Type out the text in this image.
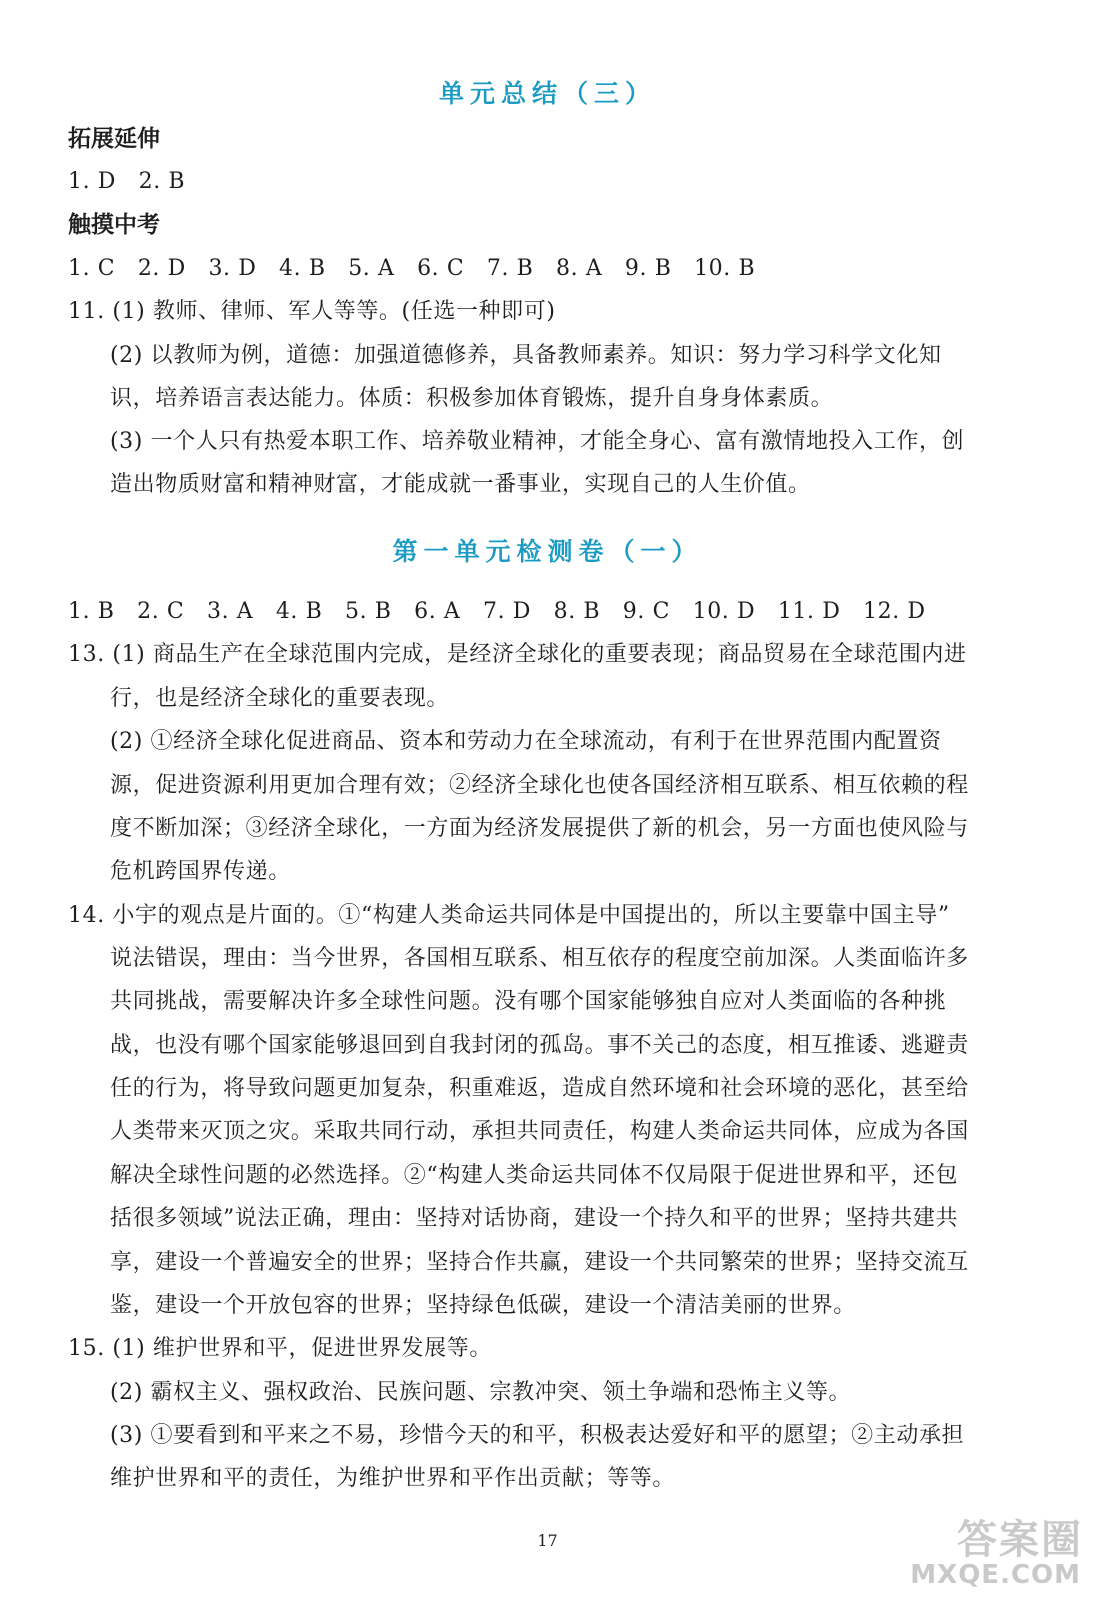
单元总结（三）
拓展延伸
1. D　2. B
触摸中考
1. C　2. D　3. D　4. B　5. A　6. C　7. B　8. A　9. B　10. B
11. (1) 教师、律师、军人等等。(任选一种即可)
(2) 以教师为例，道德：加强道德修养，具备教师素养。知识：努力学习科学文化知
识，培养语言表达能力。体质：积极参加体育锻炼，提升自身身体素质。
(3) 一个人只有热爱本职工作、培养敬业精神，才能全身心、富有激情地投入工作，创
造出物质财富和精神财富，才能成就一番事业，实现自己的人生价值。
第一单元检测卷（一）
1. B　2. C　3. A　4. B　5. B　6. A　7. D　8. B　9. C　10. D　11. D　12. D
13. (1) 商品生产在全球范围内完成，是经济全球化的重要表现；商品贸易在全球范围内进
行，也是经济全球化的重要表现。
(2) ①经济全球化促进商品、资本和劳动力在全球流动，有利于在世界范围内配置资
源，促进资源利用更加合理有效；②经济全球化也使各国经济相互联系、相互依赖的程
度不断加深；③经济全球化，一方面为经济发展提供了新的机会，另一方面也使风险与
危机跨国界传递。
14. 小宇的观点是片面的。①“构建人类命运共同体是中国提出的，所以主要靠中国主导”
说法错误，理由：当今世界，各国相互联系、相互依存的程度空前加深。人类面临许多
共同挑战，需要解决许多全球性问题。没有哪个国家能够独自应对人类面临的各种挑
战，也没有哪个国家能够退回到自我封闭的孤岛。事不关己的态度，相互推诿、逃避责
任的行为，将导致问题更加复杂，积重难返，造成自然环境和社会环境的恶化，甚至给
人类带来灭顶之灾。采取共同行动，承担共同责任，构建人类命运共同体，应成为各国
解决全球性问题的必然选择。②“构建人类命运共同体不仅局限于促进世界和平，还包
括很多领域”说法正确，理由：坚持对话协商，建设一个持久和平的世界；坚持共建共
享，建设一个普遍安全的世界；坚持合作共赢，建设一个共同繁荣的世界；坚持交流互
鉴，建设一个开放包容的世界；坚持绿色低碳，建设一个清洁美丽的世界。
15. (1) 维护世界和平，促进世界发展等。
(2) 霸权主义、强权政治、民族问题、宗教冲突、领土争端和恐怖主义等。
(3) ①要看到和平来之不易，珍惜今天的和平，积极表达爱好和平的愿望；②主动承担
维护世界和平的责任，为维护世界和平作出贡献；等等。
17	答案圈
MXQE.COM
